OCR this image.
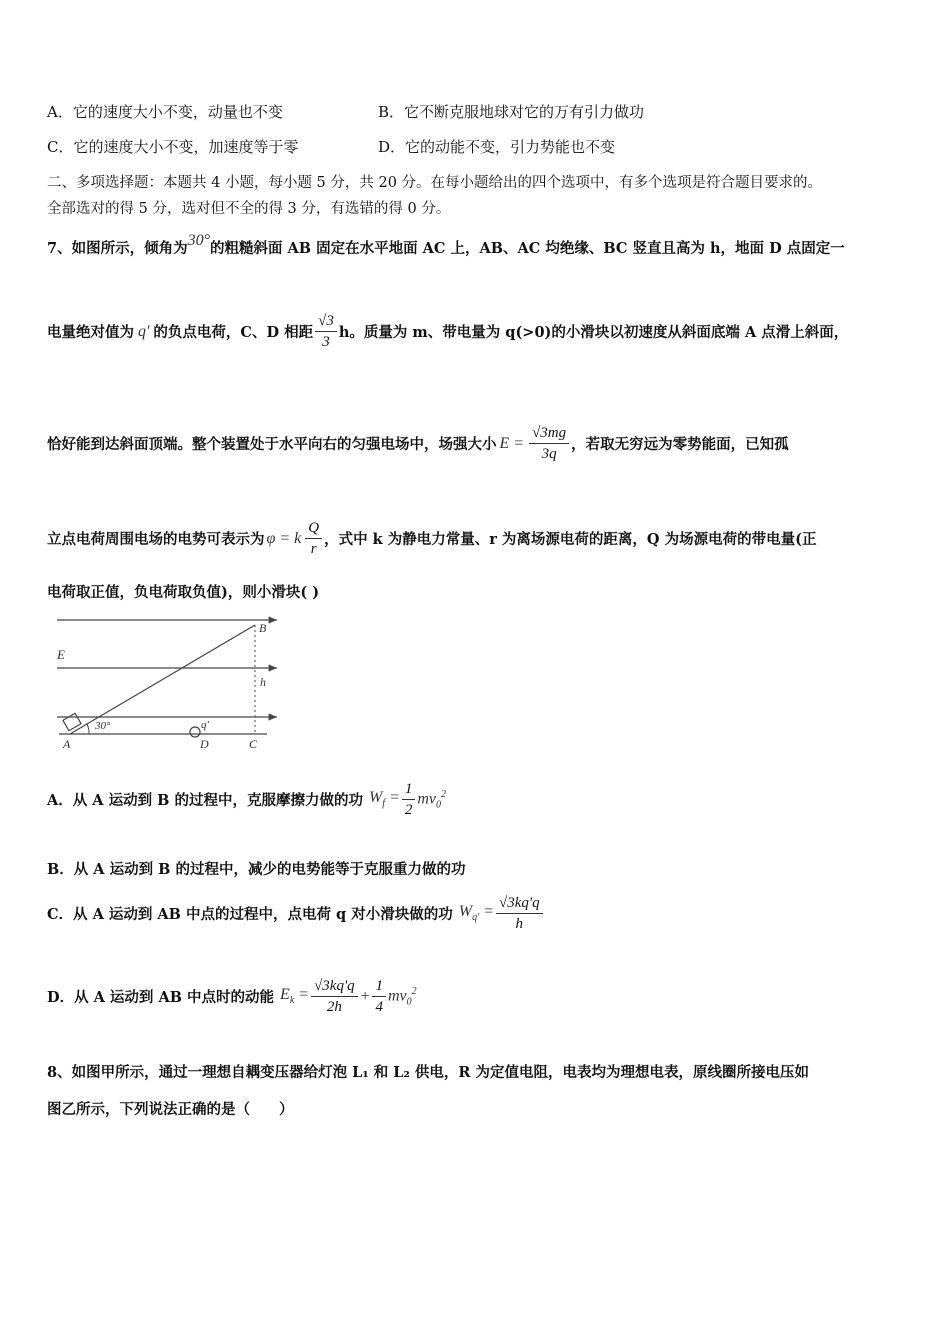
A．它的速度大小不变，动量也不变	B．它不断克服地球对它的万有引力做功
C．它的速度大小不变，加速度等于零	D．它的动能不变，引力势能也不变
二、多项选择题：本题共 4 小题，每小题 5 分，共 20 分。在每小题给出的四个选项中，有多个选项是符合题目要求的。
全部选对的得 5 分，选对但不全的得 3 分，有选错的得 0 分。
7、如图所示，倾角为30°的粗糙斜面 AB 固定在水平地面 AC 上，AB、AC 均绝缘、BC 竖直且高为 h，地面 D 点固定一
电量绝对值为 q' 的负点电荷，C、D 相距 $\frac{√3}{3}$ h。质量为 m、带电量为 q(>0)的小滑块以初速度从斜面底端 A 点滑上斜面，
恰好能到达斜面顶端。整个装置处于水平向右的匀强电场中，场强大小 $E = \frac{√3mg}{3q}$ ，若取无穷远为零势能面，已知孤
立点电荷周围电场的电势可表示为 φ = k $\frac{Q}{r}$ ，式中 k 为静电力常量、r 为离场源电荷的距离，Q 为场源电荷的带电量(正
电荷取正值，负电荷取负值)，则小滑块( )
B
E
h
30°	q'
A	D	C
A．从 A 运动到 B 的过程中，克服摩擦力做的功 $W_f = \frac{1}{2} mv_0^2$
B．从 A 运动到 B 的过程中，减少的电势能等于克服重力做的功
C．从 A 运动到 AB 中点的过程中，点电荷 q 对小滑块做的功 $W_{q'} = \frac{√3kq'q}{h}$
D．从 A 运动到 AB 中点时的动能 $E_k = \frac{√3kq'q}{2h} + \frac{1}{4} mv_0^2$
8、如图甲所示，通过一理想自耦变压器给灯泡 L₁ 和 L₂ 供电，R 为定值电阻，电表均为理想电表，原线圈所接电压如
图乙所示，下列说法正确的是（　　）
